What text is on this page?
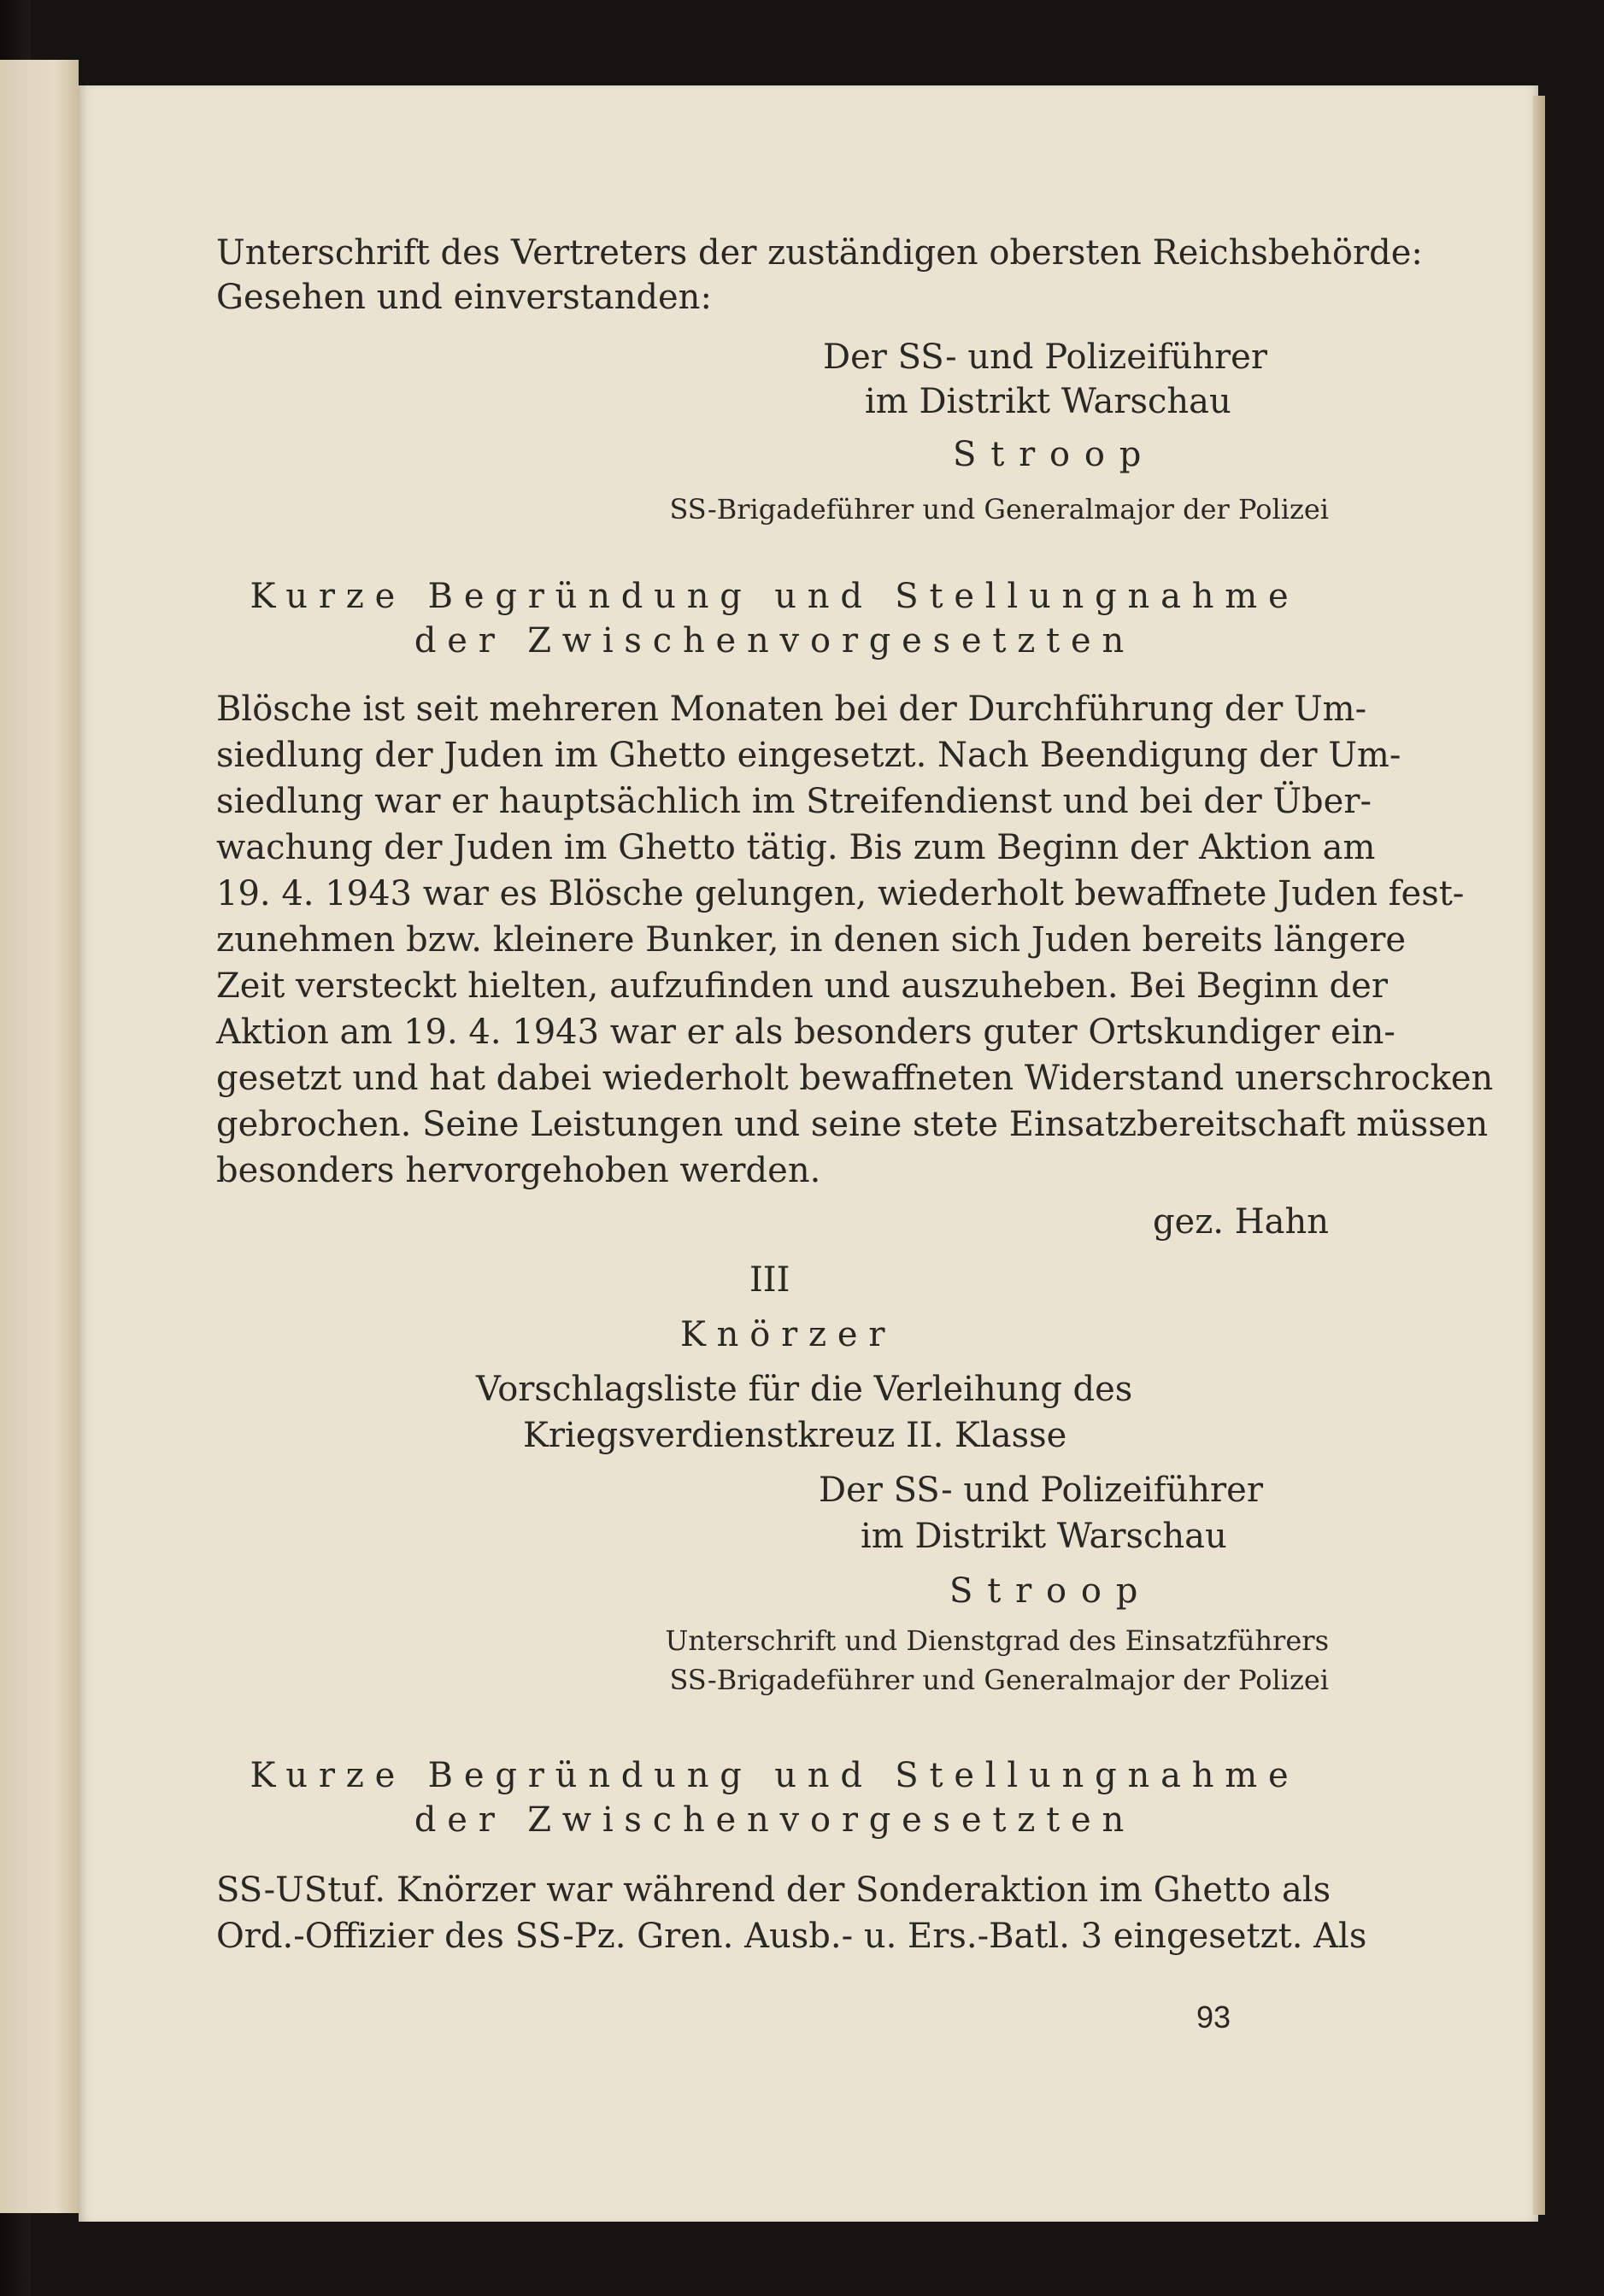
Unterschrift des Vertreters der zuständigen obersten Reichsbehörde:

Gesehen und einverstanden:

Der SS- und Polizeiführer

im Distrikt Warschau

Stroop

SS-Brigadeführer und Generalmajor der Polizei

Kurze Begründung und Stellungnahme

der Zwischenvorgesetzten

Blösche ist seit mehreren Monaten bei der Durchführung der Um-

siedlung der Juden im Ghetto eingesetzt. Nach Beendigung der Um-

siedlung war er hauptsächlich im Streifendienst und bei der Über-

wachung der Juden im Ghetto tätig. Bis zum Beginn der Aktion am

19. 4. 1943 war es Blösche gelungen, wiederholt bewaffnete Juden fest-

zunehmen bzw. kleinere Bunker, in denen sich Juden bereits längere

Zeit versteckt hielten, aufzufinden und auszuheben. Bei Beginn der

Aktion am 19. 4. 1943 war er als besonders guter Ortskundiger ein-

gesetzt und hat dabei wiederholt bewaffneten Widerstand unerschrocken

gebrochen. Seine Leistungen und seine stete Einsatzbereitschaft müssen

besonders hervorgehoben werden.

gez. Hahn

III

Knörzer

Vorschlagsliste für die Verleihung des

Kriegsverdienstkreuz II. Klasse

Der SS- und Polizeiführer

im Distrikt Warschau

Stroop

Unterschrift und Dienstgrad des Einsatzführers

SS-Brigadeführer und Generalmajor der Polizei

Kurze Begründung und Stellungnahme

der Zwischenvorgesetzten

SS-UStuf. Knörzer war während der Sonderaktion im Ghetto als

Ord.-Offizier des SS-Pz. Gren. Ausb.- u. Ers.-Batl. 3 eingesetzt. Als

93
